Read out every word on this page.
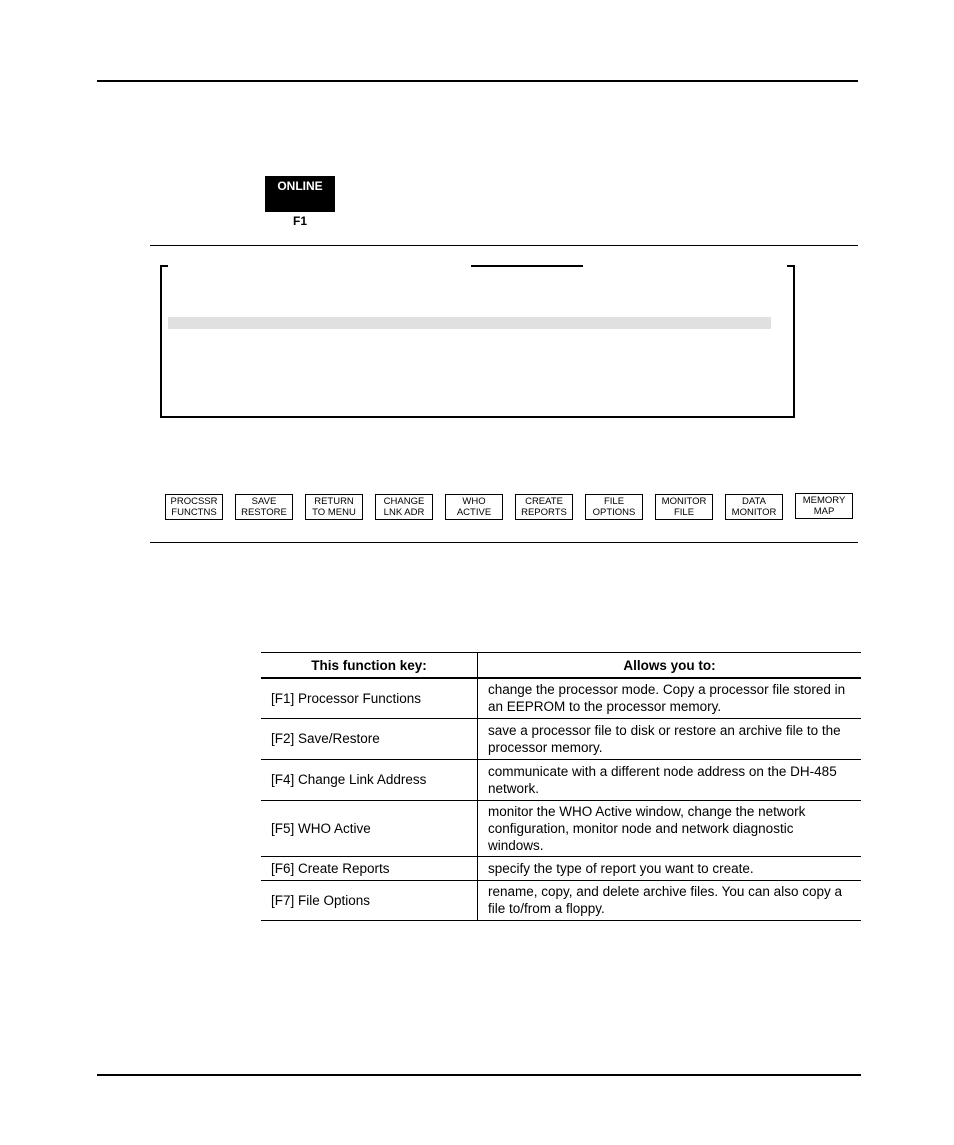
ONLINE
F1
PROCSSR
FUNCTNS
SAVE
RESTORE
RETURN
TO MENU
CHANGE
LNK ADR
WHO
ACTIVE
CREATE
REPORTS
FILE
OPTIONS
MONITOR
FILE
DATA
MONITOR
MEMORY
MAP
This function key:	Allows you to:
[F1] Processor Functions	change the processor mode. Copy a processor file stored in an EEPROM to the processor memory.
[F2] Save/Restore	save a processor file to disk or restore an archive file to the processor memory.
[F4] Change Link Address	communicate with a different node address on the DH-485 network.
[F5] WHO Active	monitor the WHO Active window, change the network configuration, monitor node and network diagnostic windows.
[F6] Create Reports	specify the type of report you want to create.
[F7] File Options	rename, copy, and delete archive files. You can also copy a file to/from a floppy.
